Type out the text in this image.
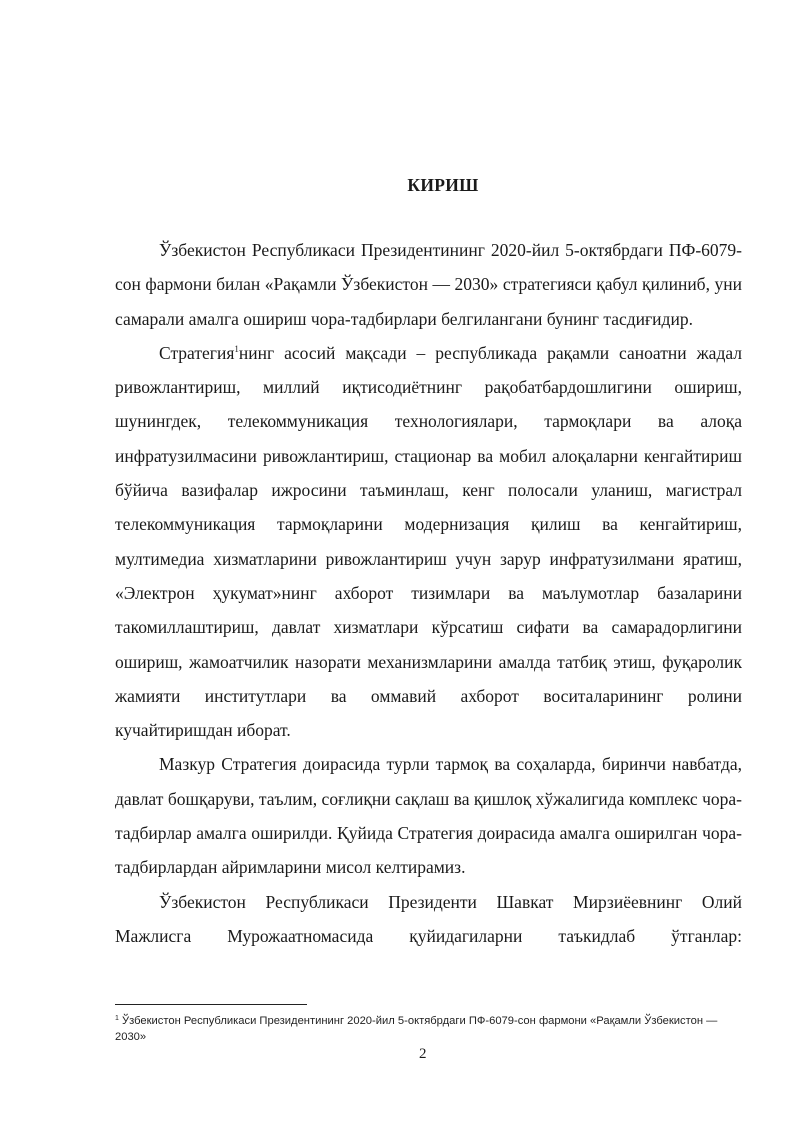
КИРИШ

Ўзбекистон Республикаси Президентининг 2020-йил 5-октябрдаги ПФ-6079-сон фармони билан «Рақамли Ўзбекистон — 2030» стратегияси қабул қилиниб, уни самарали амалга ошириш чора-тадбирлари белгилангани бунинг тасдиғидир.

Стратегия$^1$нинг асосий мақсади – республикада рақамли саноатни жадал ривожлантириш, миллий иқтисодиётнинг рақобатбардошлигини ошириш, шунингдек, телекоммуникация технологиялари, тармоқлари ва алоқа инфратузилмасини ривожлантириш, стационар ва мобил алоқаларни кенгайтириш бўйича вазифалар ижросини таъминлаш, кенг полосали уланиш, магистрал телекоммуникация тармоқларини модернизация қилиш ва кенгайтириш, мултимедиа хизматларини ривожлантириш учун зарур инфратузилмани яратиш, «Электрон ҳукумат»нинг ахборот тизимлари ва маълумотлар базаларини такомиллаштириш, давлат хизматлари кўрсатиш сифати ва самарадорлигини ошириш, жамоатчилик назорати механизмларини амалда татбиқ этиш, фуқаролик жамияти институтлари ва оммавий ахборот воситаларининг ролини кучайтиришдан иборат.

Мазкур Стратегия доирасида турли тармоқ ва соҳаларда, биринчи навбатда, давлат бошқаруви, таълим, соғлиқни сақлаш ва қишлоқ хўжалигида комплекс чора-тадбирлар амалга оширилди. Қуйида Стратегия доирасида амалга оширилган чора-тадбирлардан айримларини мисол келтирамиз.

Ўзбекистон Республикаси Президенти Шавкат Мирзиёевнинг Олий Мажлисга Мурожаатномасида қуйидагиларни таъкидлаб ўтганлар:

$^1$ Ўзбекистон Республикаси Президентининг 2020-йил 5-октябрдаги ПФ-6079-сон фармони «Рақамли Ўзбекистон — 2030»
2
